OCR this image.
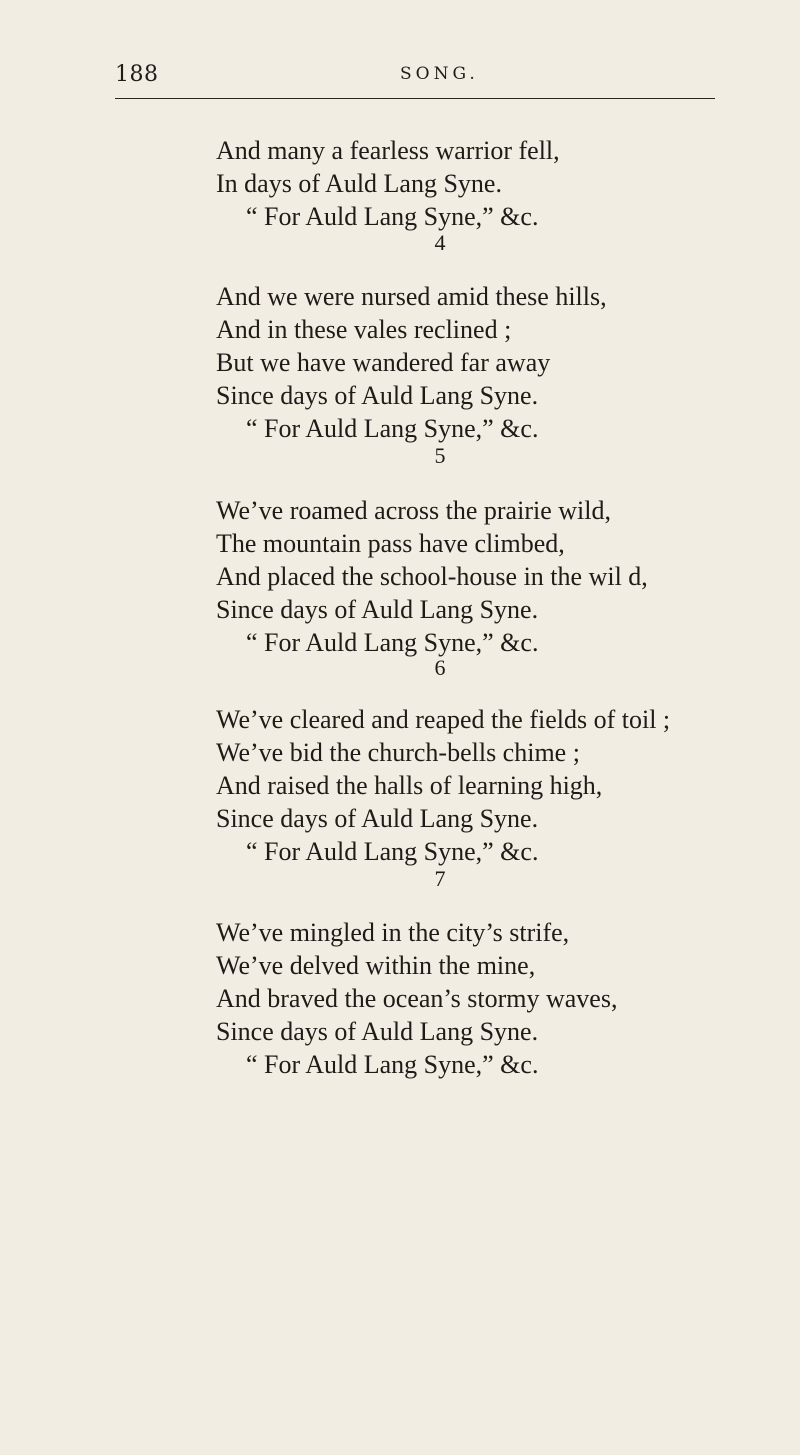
188	SONG.
And many a fearless warrior fell,
In days of Auld Lang Syne.
“ For Auld Lang Syne,” &c.
4
And we were nursed amid these hills,
And in these vales reclined ;
But we have wandered far away
Since days of Auld Lang Syne.
“ For Auld Lang Syne,” &c.
5
We’ve roamed across the prairie wild,
The mountain pass have climbed,
And placed the school-house in the wil d,
Since days of Auld Lang Syne.
“ For Auld Lang Syne,” &c.
6
We’ve cleared and reaped the fields of toil ;
We’ve bid the church-bells chime ;
And raised the halls of learning high,
Since days of Auld Lang Syne.
“ For Auld Lang Syne,” &c.
7
We’ve mingled in the city’s strife,
We’ve delved within the mine,
And braved the ocean’s stormy waves,
Since days of Auld Lang Syne.
“ For Auld Lang Syne,” &c.
